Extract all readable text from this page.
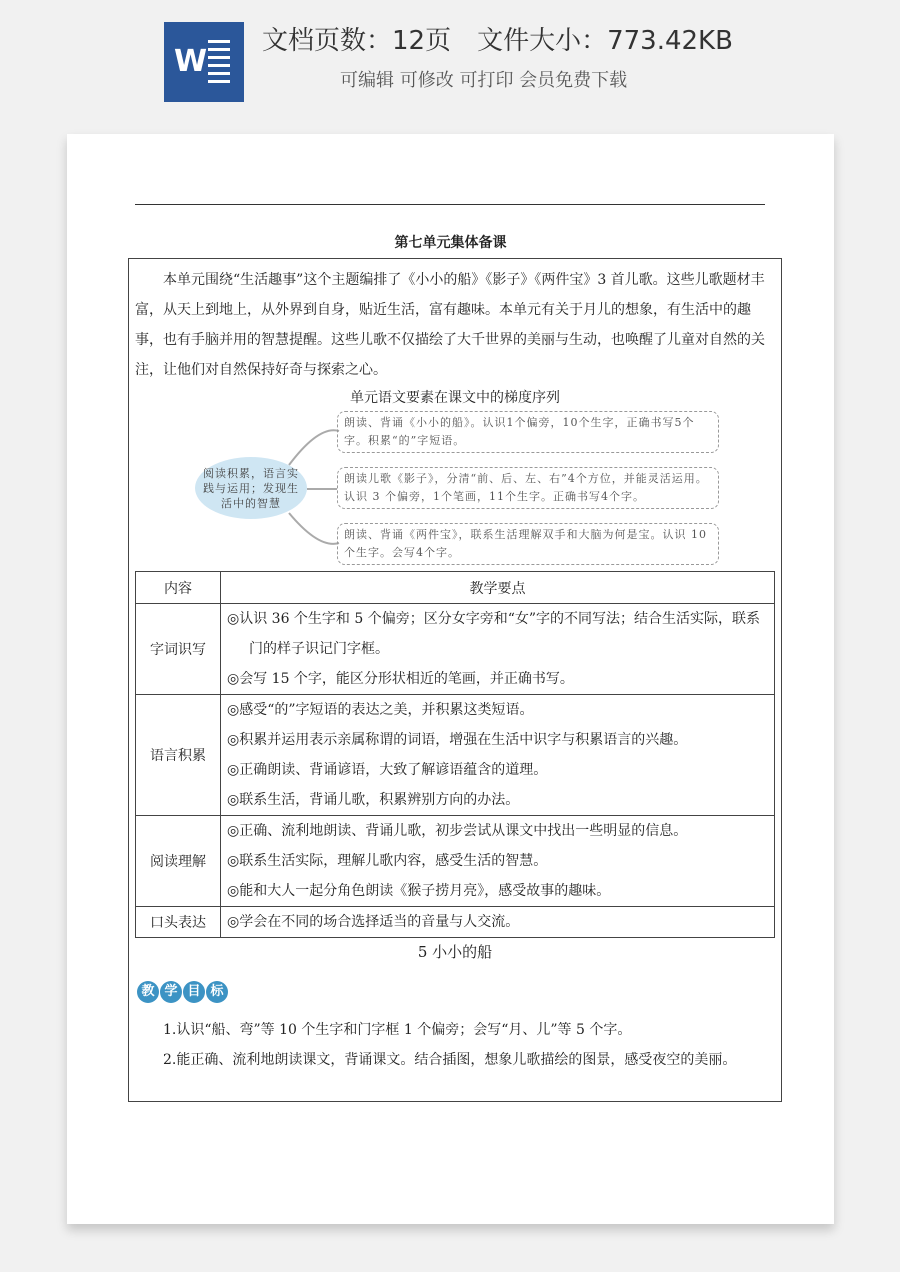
W
文档页数：12页　文件大小：773.42KB
可编辑 可修改 可打印 会员免费下载
第七单元集体备课

本单元围绕“生活趣事”这个主题编排了《小小的船》《影子》《两件宝》3 首儿歌。这些儿歌题材丰富，从天上到地上，从外界到自身，贴近生活，富有趣味。本单元有关于月儿的想象，有生活中的趣事，也有手脑并用的智慧提醒。这些儿歌不仅描绘了大千世界的美丽与生动，也唤醒了儿童对自然的关注，让他们对自然保持好奇与探索之心。

单元语文要素在课文中的梯度序列
阅读积累，语言实践与运用；发现生活中的智慧
朗读、背诵《小小的船》。认识1个偏旁，10个生字，正确书写5个字。积累“的”字短语。
朗读儿歌《影子》，分清“前、后、左、右”4个方位，并能灵活运用。认识 3 个偏旁，1个笔画，11个生字。正确书写4个字。
朗读、背诵《两件宝》，联系生活理解双手和大脑为何是宝。认识 10个生字。会写4个字。
内容	教学要点
字词识写	◎认识 36 个生字和 5 个偏旁；区分女字旁和“女”字的不同写法；结合生活实际，联系门的样子识记门字框。
◎会写 15 个字，能区分形状相近的笔画，并正确书写。

语言积累	◎感受“的”字短语的表达之美，并积累这类短语。
◎积累并运用表示亲属称谓的词语，增强在生活中识字与积累语言的兴趣。
◎正确朗读、背诵谚语，大致了解谚语蕴含的道理。
◎联系生活，背诵儿歌，积累辨别方向的办法。

阅读理解	◎正确、流利地朗读、背诵儿歌，初步尝试从课文中找出一些明显的信息。
◎联系生活实际，理解儿歌内容，感受生活的智慧。
◎能和大人一起分角色朗读《猴子捞月亮》，感受故事的趣味。

口头表达	◎学会在不同的场合选择适当的音量与人交流。
5 小小的船
教 学 目 标

1.认识“船、弯”等 10 个生字和门字框 1 个偏旁；会写“月、儿”等 5 个字。

2.能正确、流利地朗读课文，背诵课文。结合插图，想象儿歌描绘的图景，感受夜空的美丽。
